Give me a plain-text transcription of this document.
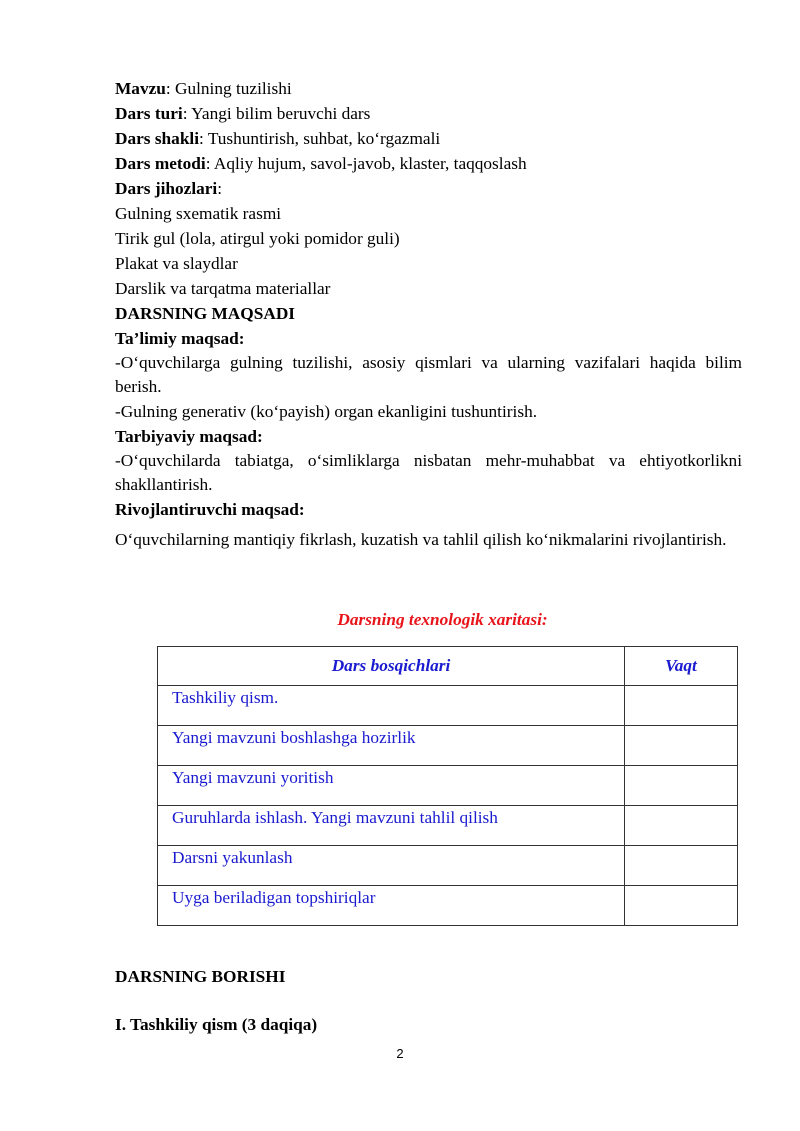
Mavzu: Gulning tuzilishi
Dars turi: Yangi bilim beruvchi dars
Dars shakli: Tushuntirish, suhbat, koʻrgazmali
Dars metodi: Aqliy hujum, savol-javob, klaster, taqqoslash
Dars jihozlari:
Gulning sxematik rasmi
Tirik gul (lola, atirgul yoki pomidor guli)
Plakat va slaydlar
Darslik va tarqatma materiallar
DARSNING MAQSADI
Ta’limiy maqsad:
-Oʻquvchilarga gulning tuzilishi, asosiy qismlari va ularning vazifalari haqida bilim berish.
-Gulning generativ (koʻpayish) organ ekanligini tushuntirish.
Tarbiyaviy maqsad:
-Oʻquvchilarda tabiatga, oʻsimliklarga nisbatan mehr-muhabbat va ehtiyotkorlikni shakllantirish.
Rivojlantiruvchi maqsad:
Oʻquvchilarning mantiqiy fikrlash, kuzatish va tahlil qilish koʻnikmalarini rivojlantirish.
Darsning texnologik xaritasi:
Dars bosqichlari	Vaqt
Tashkiliy qism.	
Yangi mavzuni boshlashga hozirlik	
Yangi mavzuni yoritish	
Guruhlarda ishlash. Yangi mavzuni tahlil qilish	
Darsni yakunlash	
Uyga beriladigan topshiriqlar	
DARSNING BORISHI
I. Tashkiliy qism (3 daqiqa)
2
